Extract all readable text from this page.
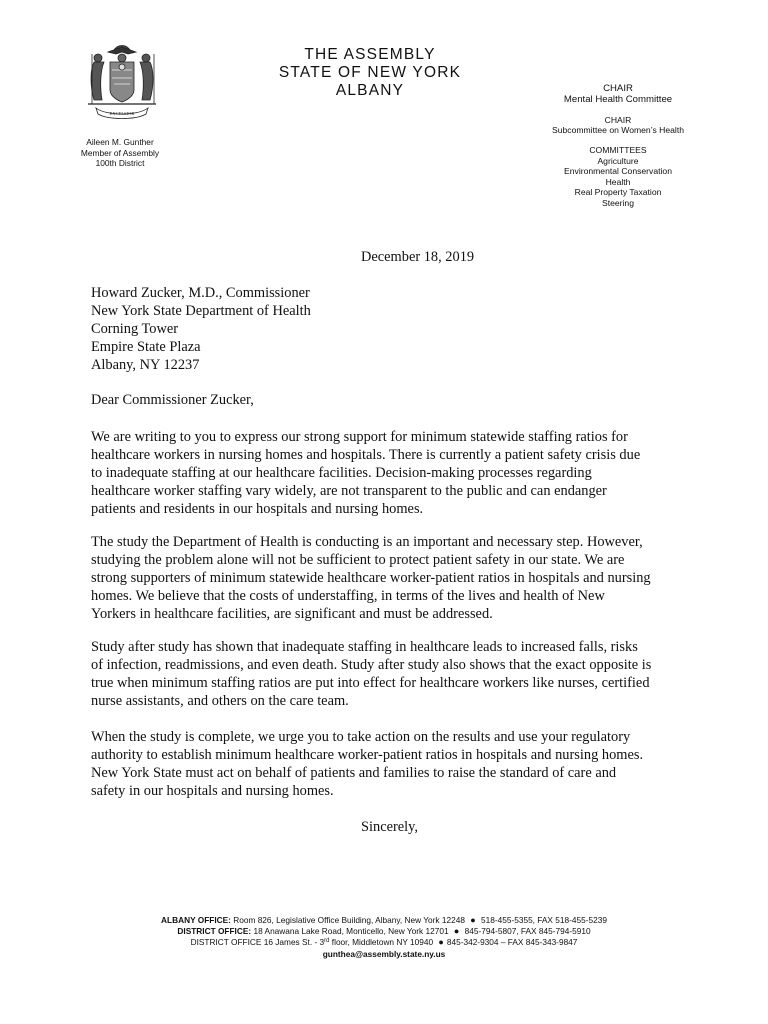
EXCELSIOR
Aileen M. Gunther
Member of Assembly
100th District
THE ASSEMBLY
STATE OF NEW YORK
ALBANY	CHAIR
Mental Health Committee
CHAIR
Subcommittee on Women’s Health
COMMITTEES
Agriculture
Environmental Conservation
Health
Real Property Taxation
Steering
December 18, 2019
Howard Zucker, M.D., Commissioner
New York State Department of Health
Corning Tower
Empire State Plaza
Albany, NY 12237
Dear Commissioner Zucker,
We are writing to you to express our strong support for minimum statewide staffing ratios for
healthcare workers in nursing homes and hospitals. There is currently a patient safety crisis due
to inadequate staffing at our healthcare facilities. Decision-making processes regarding
healthcare worker staffing vary widely, are not transparent to the public and can endanger
patients and residents in our hospitals and nursing homes.
The study the Department of Health is conducting is an important and necessary step. However,
studying the problem alone will not be sufficient to protect patient safety in our state. We are
strong supporters of minimum statewide healthcare worker-patient ratios in hospitals and nursing
homes. We believe that the costs of understaffing, in terms of the lives and health of New
Yorkers in healthcare facilities, are significant and must be addressed.
Study after study has shown that inadequate staffing in healthcare leads to increased falls, risks
of infection, readmissions, and even death. Study after study also shows that the exact opposite is
true when minimum staffing ratios are put into effect for healthcare workers like nurses, certified
nurse assistants, and others on the care team.
When the study is complete, we urge you to take action on the results and use your regulatory
authority to establish minimum healthcare worker-patient ratios in hospitals and nursing homes.
New York State must act on behalf of patients and families to raise the standard of care and
safety in our hospitals and nursing homes.
Sincerely,
ALBANY OFFICE: Room 826, Legislative Office Building, Albany, New York 12248 ● 518-455-5355, FAX 518-455-5239
DISTRICT OFFICE: 18 Anawana Lake Road, Monticello, New York 12701 ● 845-794-5807, FAX 845-794-5910
DISTRICT OFFICE 16 James St. - 3rd floor, Middletown NY 10940 ● 845-342-9304 – FAX 845-343-9847
gunthea@assembly.state.ny.us
